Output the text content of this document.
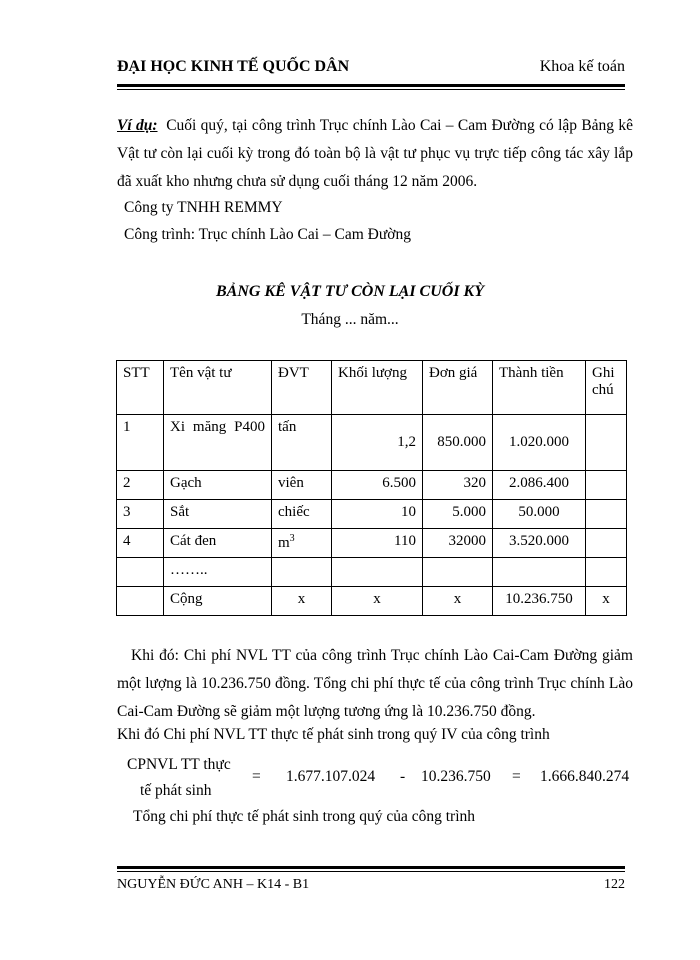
ĐẠI HỌC KINH TẾ QUỐC DÂN	Khoa kế toán
Ví dụ: Cuối quý, tại công trình Trục chính Lào Cai – Cam Đường có lập Bảng kê Vật tư còn lại cuối kỳ trong đó toàn bộ là vật tư phục vụ trực tiếp công tác xây lắp đã xuất kho nhưng chưa sử dụng cuối tháng 12 năm 2006.
Công ty TNHH REMMY
Công trình: Trục chính Lào Cai – Cam Đường
BẢNG KÊ VẬT TƯ CÒN LẠI CUỐI KỲ
Tháng ... năm...
STT	Tên vật tư	ĐVT	Khối lượng	Đơn giá	Thành tiền	Ghi chú
1	Xi măng P400	tấn	1,2	850.000	1.020.000	
2	Gạch	viên	6.500	320	2.086.400	
3	Sắt	chiếc	10	5.000	50.000	
4	Cát đen	$m^3$	110	32000	3.520.000	
	……..					
	Cộng	x	x	x	10.236.750	x
Khi đó: Chi phí NVL TT của công trình Trục chính Lào Cai-Cam Đường giảm một lượng là 10.236.750 đồng. Tổng chi phí thực tế của công trình Trục chính Lào Cai-Cam Đường sẽ giảm một lượng tương ứng là 10.236.750 đồng.
Khi đó Chi phí NVL TT thực tế phát sinh trong quý IV của công trình
CPNVL TT thực
tế phát sinh
= 1.677.107.024 - 10.236.750 = 1.666.840.274
Tổng chi phí thực tế phát sinh trong quý của công trình
NGUYỄN ĐỨC ANH – K14 - B1	122
